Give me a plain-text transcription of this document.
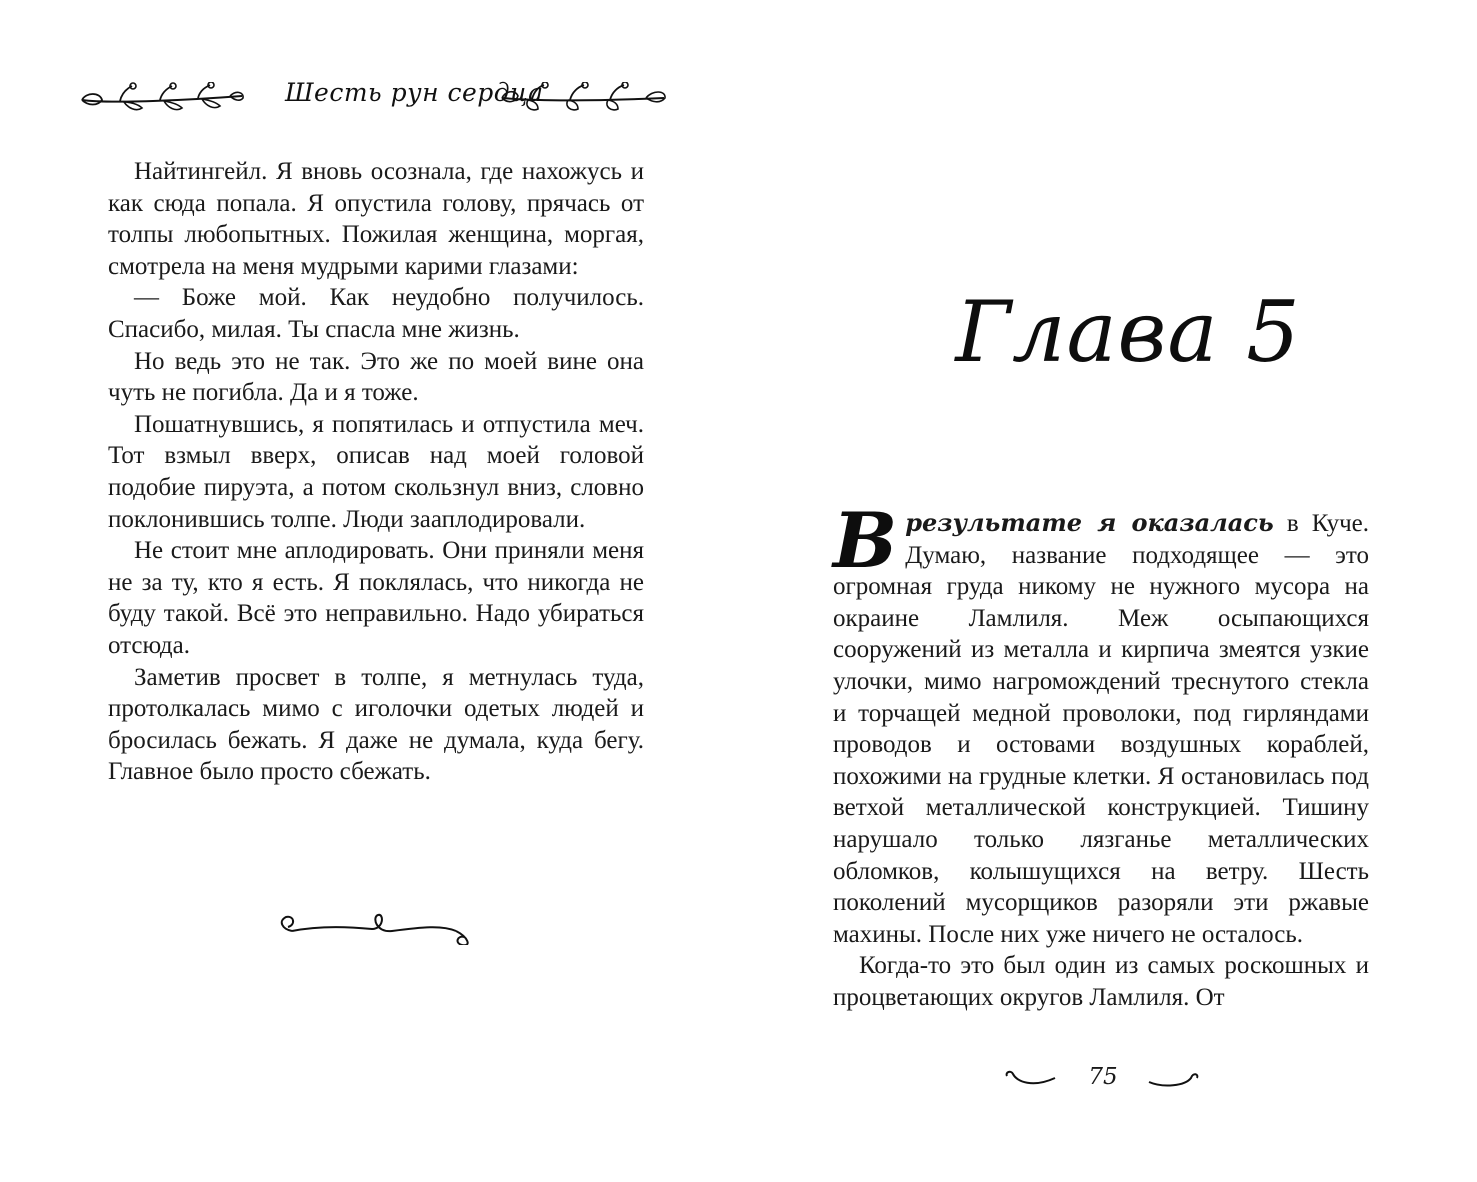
Шесть рун сердца

Найтингейл. Я вновь осознала, где нахожусь и как сюда попала. Я опустила голову, прячась от толпы любопытных. Пожилая женщина, моргая, смотрела на меня мудрыми карими глазами:

— Боже мой. Как неудобно получилось. Спасибо, милая. Ты спасла мне жизнь.

Но ведь это не так. Это же по моей вине она чуть не погибла. Да и я тоже.

Пошатнувшись, я попятилась и отпустила меч. Тот взмыл вверх, описав над моей головой подобие пируэта, а потом скользнул вниз, словно поклонившись толпе. Люди зааплодировали.

Не стоит мне аплодировать. Они приняли меня не за ту, кто я есть. Я поклялась, что никогда не буду такой. Всё это неправильно. Надо убираться отсюда.

Заметив просвет в толпе, я метнулась туда, протолкалась мимо с иголочки одетых людей и бросилась бежать. Я даже не думала, куда бегу. Главное было просто сбежать.

Глава 5

Врезультате я оказалась в Куче. Думаю, название подходящее — это огромная груда никому не нужного мусора на окраине Ламлиля. Меж осыпающихся сооружений из металла и кирпича змеятся узкие улочки, мимо нагромождений треснутого стекла и торчащей медной проволоки, под гирляндами проводов и остовами воздушных кораблей, похожими на грудные клетки. Я остановилась под ветхой металлической конструкцией. Тишину нарушало только лязганье металлических обломков, колышущихся на ветру. Шесть поколений мусорщиков разоряли эти ржавые махины. После них уже ничего не осталось.

Когда-то это был один из самых роскошных и процветающих округов Ламлиля. От

75
